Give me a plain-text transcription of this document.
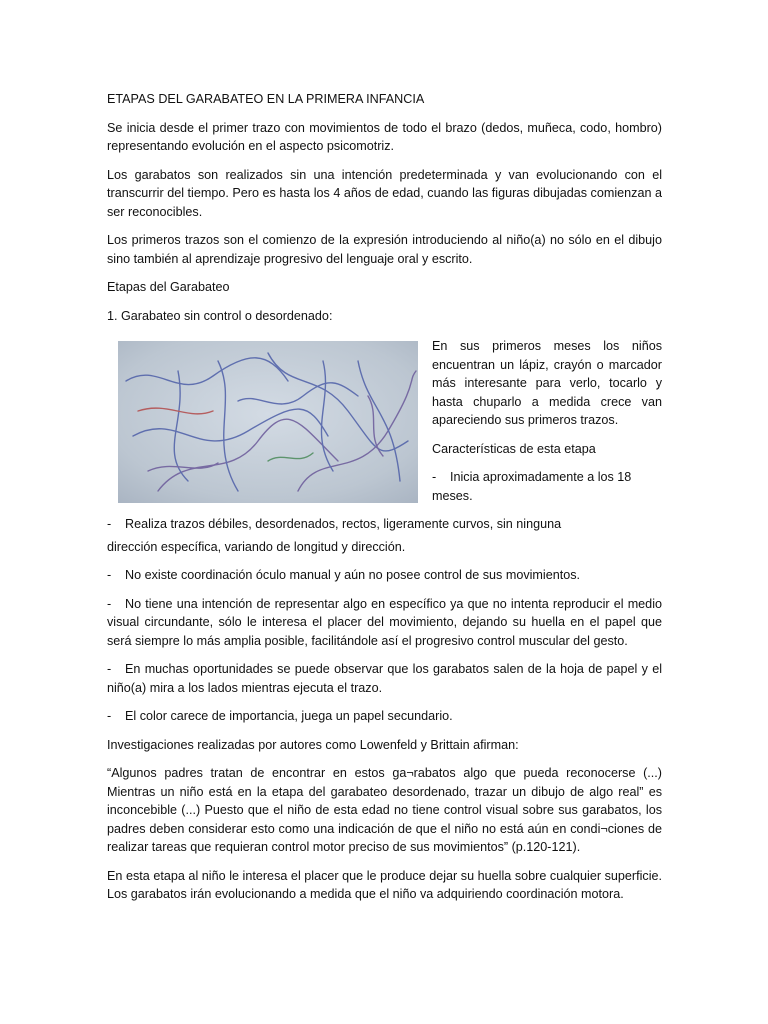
ETAPAS DEL GARABATEO EN LA PRIMERA INFANCIA

Se inicia desde el primer trazo con movimientos de todo el brazo (dedos, muñeca, codo, hombro) representando evolución en el aspecto psicomotriz.

Los garabatos son realizados sin una intención predeterminada y van evolucionando con el transcurrir del tiempo. Pero es hasta los 4 años de edad, cuando las figuras dibujadas comienzan a ser reconocibles.

Los primeros trazos son el comienzo de la expresión introduciendo al niño(a) no sólo en el dibujo sino también al aprendizaje progresivo del lenguaje oral y escrito.

Etapas del Garabateo

1. Garabateo sin control o desordenado:

En sus primeros meses los niños encuentran un lápiz, crayón o marcador más interesante para verlo, tocarlo y hasta chuparlo a medida crece van apareciendo sus primeros trazos.

Características de esta etapa

- Inicia aproximadamente a los 18 meses.

- Realiza trazos débiles, desordenados, rectos, ligeramente curvos, sin ninguna

dirección específica, variando de longitud y dirección.

- No existe coordinación óculo manual y aún no posee control de sus movimientos.

- No tiene una intención de representar algo en específico ya que no intenta reproducir el medio visual circundante, sólo le interesa el placer del movimiento, dejando su huella en el papel que será siempre lo más amplia posible, facilitándole así el progresivo control muscular del gesto.

- En muchas oportunidades se puede observar que los garabatos salen de la hoja de papel y el niño(a) mira a los lados mientras ejecuta el trazo.

- El color carece de importancia, juega un papel secundario.

Investigaciones realizadas por autores como Lowenfeld y Brittain afirman:

“Algunos padres tratan de encontrar en estos ga¬rabatos algo que pueda reconocerse (...) Mientras un niño está en la etapa del garabateo desordenado, trazar un dibujo de algo real” es inconcebible (...) Puesto que el niño de esta edad no tiene control visual sobre sus garabatos, los padres deben considerar esto como una indicación de que el niño no está aún en condi¬ciones de realizar tareas que requieran control motor preciso de sus movimientos” (p.120-121).

En esta etapa al niño le interesa el placer que le produce dejar su huella sobre cualquier superficie. Los garabatos irán evolucionando a medida que el niño va adquiriendo coordinación motora.
